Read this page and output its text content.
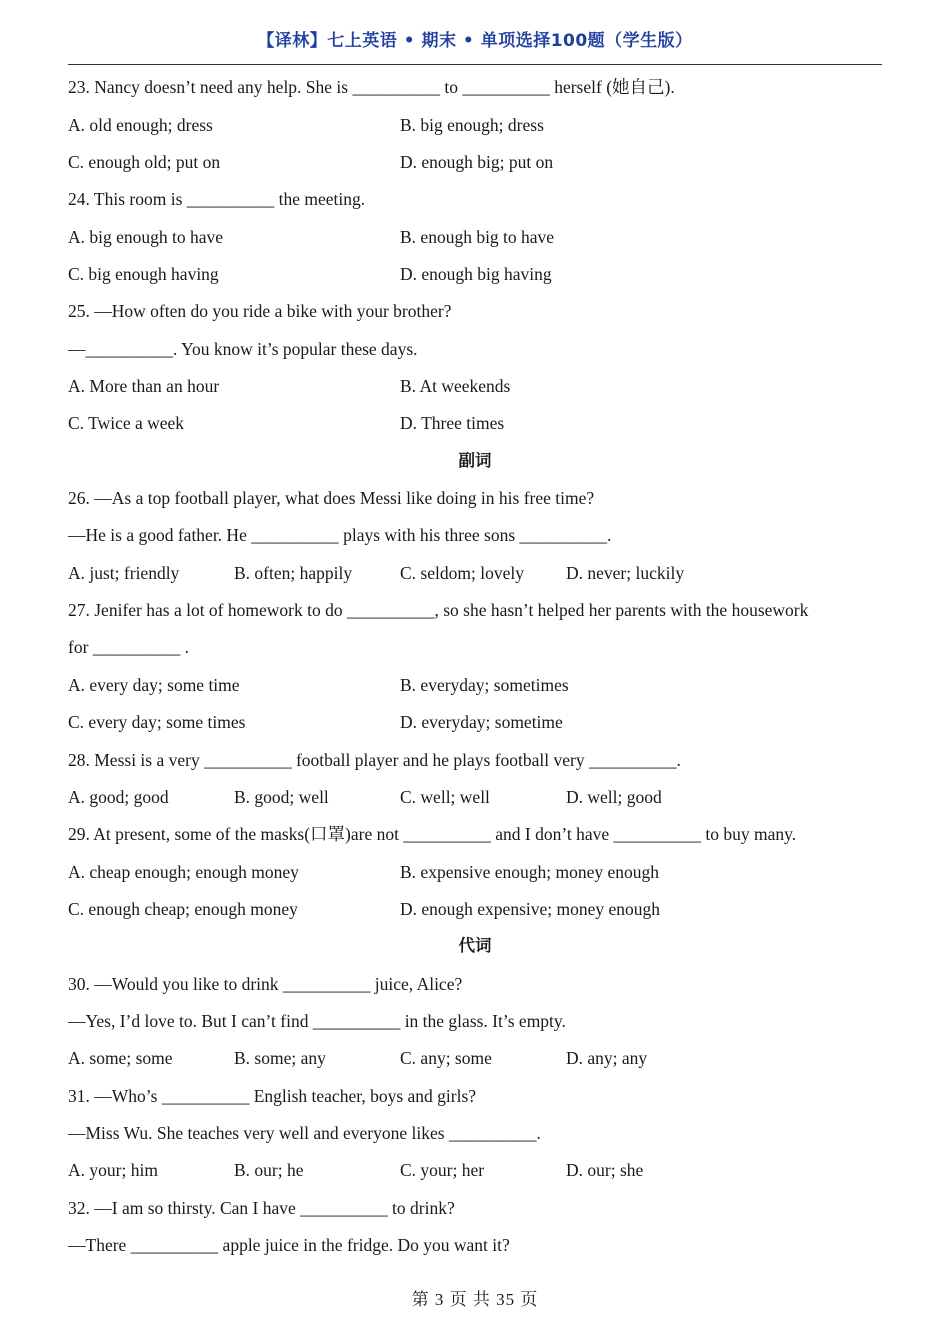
【译林】七上英语 • 期末 • 单项选择100题（学生版）
23. Nancy doesn’t need any help. She is __________ to __________ herself (她自己).
A. old enough; dress	B. big enough; dress
C. enough old; put on	D. enough big; put on
24. This room is __________ the meeting.
A. big enough to have	B. enough big to have
C. big enough having	D. enough big having
25. —How often do you ride a bike with your brother?
—__________. You know it’s popular these days.
A. More than an hour	B. At weekends
C. Twice a week	D. Three times
副词
26. —As a top football player, what does Messi like doing in his free time?
—He is a good father. He __________ plays with his three sons __________.
A. just; friendly	B. often; happily	C. seldom; lovely D. never; luckily
27. Jenifer has a lot of homework to do __________, so she hasn’t helped her parents with the housework
for __________ .
A. every day; some time	B. everyday; sometimes
C. every day; some times	D. everyday; sometime
28. Messi is a very __________ football player and he plays football very __________.
A. good; good	B. good; well	C. well; well	D. well; good
29. At present, some of the masks(口罩)are not __________ and I don’t have __________ to buy many.
A. cheap enough; enough money	B. expensive enough; money enough
C. enough cheap; enough money	D. enough expensive; money enough
代词
30. —Would you like to drink __________ juice, Alice?
—Yes, I’d love to. But I can’t find __________ in the glass. It’s empty.
A. some; some	B. some; any	C. any; some	D. any; any
31. —Who’s __________ English teacher, boys and girls?
—Miss Wu. She teaches very well and everyone likes __________.
A. your; him	B. our; he	C. your; her	D. our; she
32. —I am so thirsty. Can I have __________ to drink?
—There __________ apple juice in the fridge. Do you want it?
第 3 页 共 35 页
